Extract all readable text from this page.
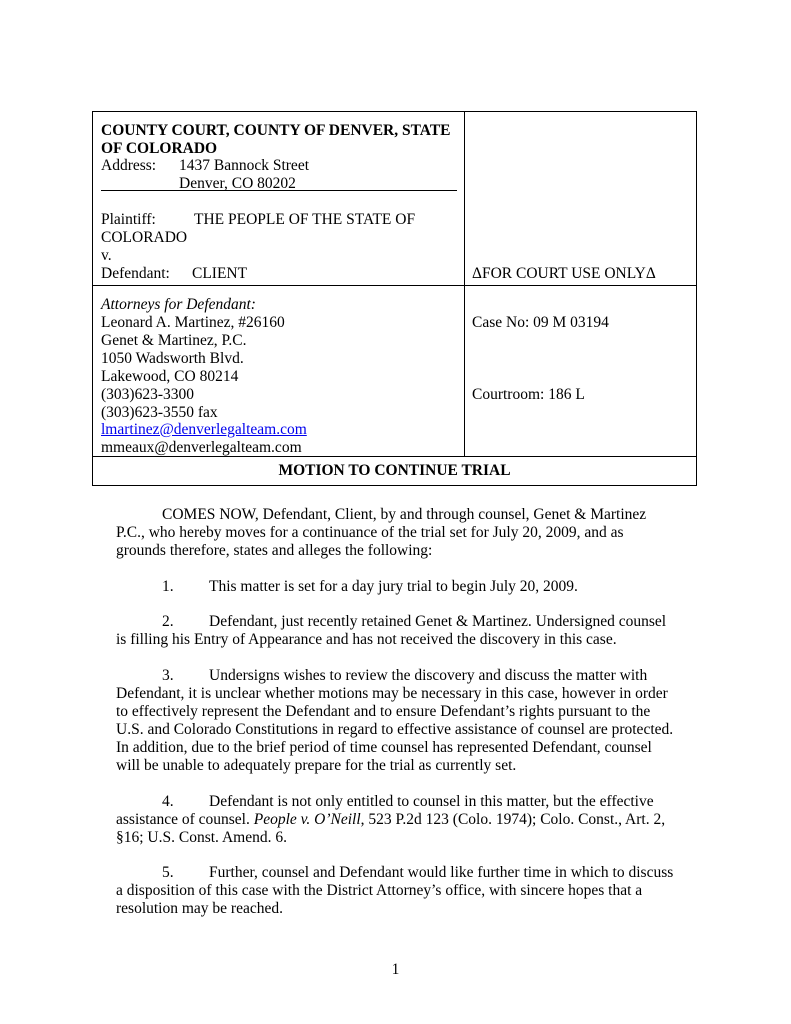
COUNTY COURT, COUNTY OF DENVER, STATE
OF COLORADO
Address: 1437 Bannock Street
Denver, CO 80202
Plaintiff: THE PEOPLE OF THE STATE OF
COLORADO
v.
Defendant: CLIENT	ΔFOR COURT USE ONLYΔ
Attorneys for Defendant:
Leonard A. Martinez, #26160
Genet & Martinez, P.C.
1050 Wadsworth Blvd.
Lakewood, CO 80214
(303)623-3300
(303)623-3550 fax
lmartinez@denverlegalteam.com
mmeaux@denverlegalteam.com
Case No: 09 M 03194
Courtroom: 186 L
MOTION TO CONTINUE TRIAL
COMES NOW, Defendant, Client, by and through counsel, Genet & Martinez
P.C., who hereby moves for a continuance of the trial set for July 20, 2009, and as
grounds therefore, states and alleges the following:
1. This matter is set for a day jury trial to begin July 20, 2009.
2. Defendant, just recently retained Genet & Martinez. Undersigned counsel
is filling his Entry of Appearance and has not received the discovery in this case.
3. Undersigns wishes to review the discovery and discuss the matter with
Defendant, it is unclear whether motions may be necessary in this case, however in order
to effectively represent the Defendant and to ensure Defendant’s rights pursuant to the
U.S. and Colorado Constitutions in regard to effective assistance of counsel are protected.
In addition, due to the brief period of time counsel has represented Defendant, counsel
will be unable to adequately prepare for the trial as currently set.
4. Defendant is not only entitled to counsel in this matter, but the effective
assistance of counsel. People v. O’Neill, 523 P.2d 123 (Colo. 1974); Colo. Const., Art. 2,
§16; U.S. Const. Amend. 6.
5. Further, counsel and Defendant would like further time in which to discuss
a disposition of this case with the District Attorney’s office, with sincere hopes that a
resolution may be reached.
1
